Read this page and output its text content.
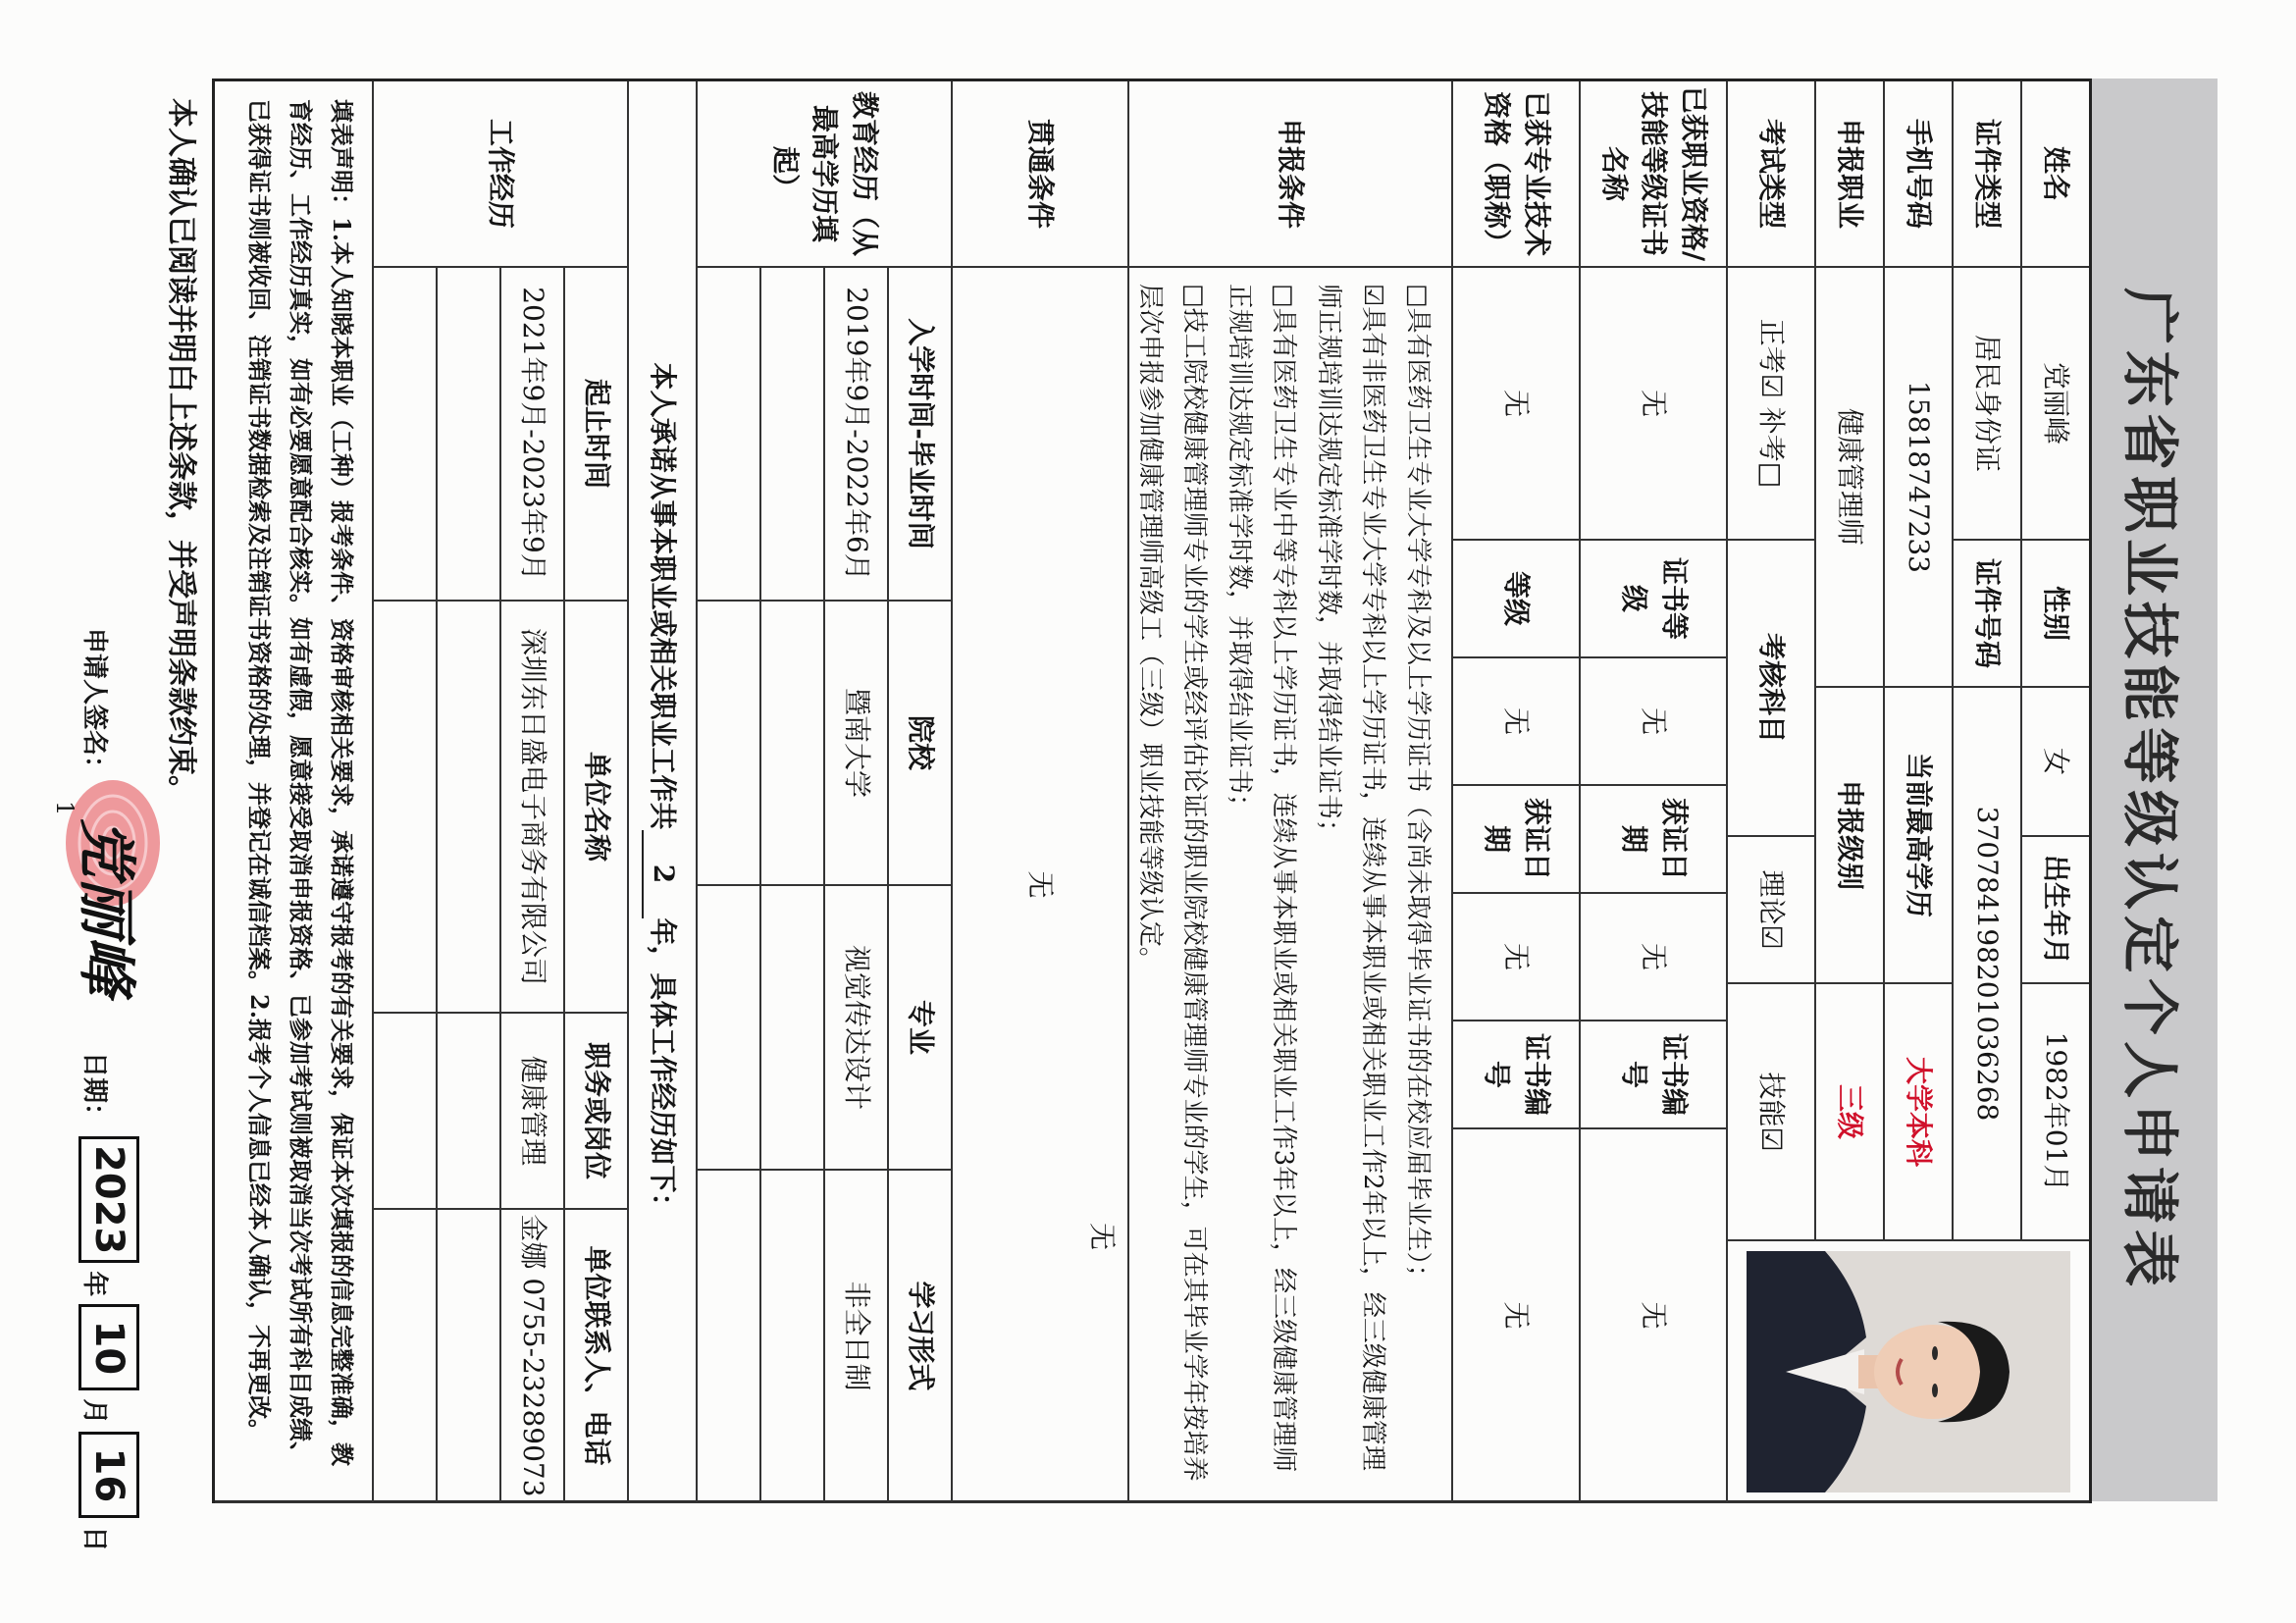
广东省职业技能等级认定个人申请表
姓名
党丽峰
性别
女
出生年月
1982年01月
证件类型
居民身份证
证件号码
370784198201036268
手机号码
15818747233
当前最高学历
大学本科
申报职业
健康管理师
申报级别
三级
考试类型
正考☑ 补考□
考核科目
理论☑
技能☑
已获职业资格/技能等级证书名称
无
证书等级
无
获证日期
无
证书编号
无
已获专业技术资格（职称）
无
等级
无
获证日期
无
证书编号
无
申报条件
□具有医药卫生专业大学专科及以上学历证书（含尚未取得毕业证书的在校应届毕业生）；
☑具有非医药卫生专业大学专科以上学历证书，连续从事本职业或相关职业工作2年以上，经三级健康管理师正规培训达规定标准学时数，并取得结业证书；
□具有医药卫生专业中等专科以上学历证书，连续从事本职业或相关职业工作3年以上，经三级健康管理师正规培训达规定标准学时数，并取得结业证书；
□技工院校健康管理师专业的学生或经评估论证的职业院校健康管理师专业的学生，可在其毕业学年按培养层次申报参加健康管理师高级工（三级）职业技能等级认定。
无
贯通条件
无
教育经历（从最高学历填起）
入学时间-毕业时间
院校
专业
学习形式
2019年9月-2022年6月
暨南大学
视觉传达设计
非全日制
本人承诺从事本职业或相关职业工作共
2
年，具体工作经历如下：
工作经历
起止时间
单位名称
职务或岗位
单位联系人、电话
2021年9月-2023年9月
深圳东日盛电子商务有限公司
健康管理
金娜 0755-23289073
填表声明：1.本人知晓本职业（工种）报考条件、资格审核相关要求，承诺遵守报考的有关要求，保证本次填报的信息完整准确，教育经历、工作经历真实，如有必要愿意配合核实。如有虚假，愿意接受取消申报资格、已参加考试则被取消当次考试所有科目成绩、已获得证书则被收回、注销证书数据检索及注销证书资格的处理，并登记在诚信档案。2.报考个人信息已经本人确认，不再更改。
本人确认已阅读并明白上述条款，并受声明条款约束。
申请人签名：
党丽峰
日期：
2023
年
10
月
16
日
1
